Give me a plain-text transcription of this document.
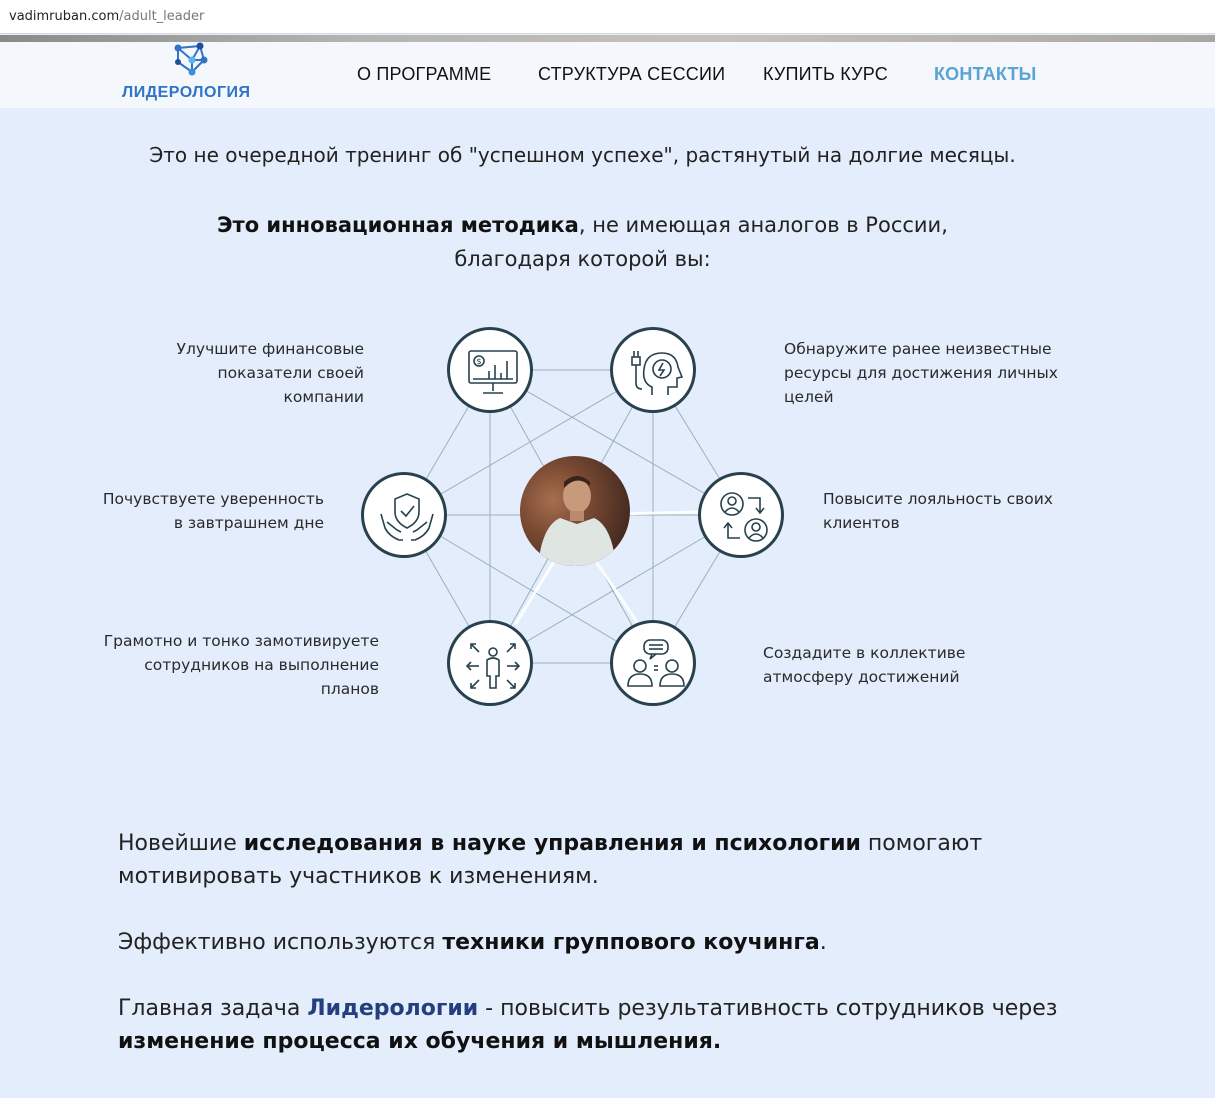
vadimruban.com/adult_leader
ЛИДЕРОЛОГИЯ
О ПРОГРАММЕ	СТРУКТУРА СЕССИИ КУПИТЬ КУРС	КОНТАКТЫ
Это не очередной тренинг об "успешном успехе", растянутый на долгие месяцы.
Это инновационная методика, не имеющая аналогов в России,
благодаря которой вы:
$
Улучшите финансовые
показатели своей
компании
Обнаружите ранее неизвестные
ресурсы для достижения личных
целей
Почувствуете уверенность
в завтрашнем дне
Повысите лояльность своих
клиентов
Грамотно и тонко замотивируете
сотрудников на выполнение
планов
Создадите в коллективе
атмосферу достижений
Новейшие исследования в науке управления и психологии помогают
мотивировать участников к изменениям.
Эффективно используются техники группового коучинга.
Главная задача Лидерологии - повысить результативность сотрудников через
изменение процесса их обучения и мышления.
